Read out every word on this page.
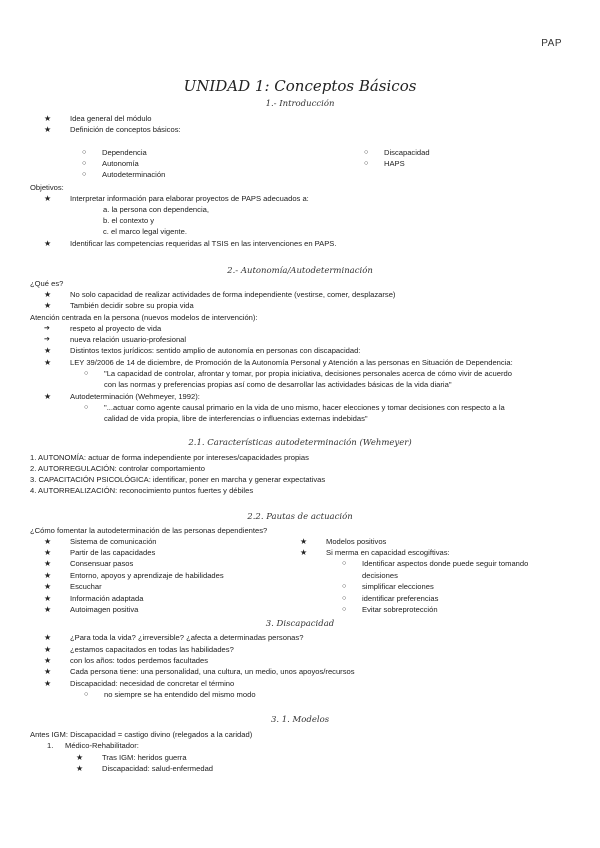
PAP
UNIDAD 1: Conceptos Básicos
1.- Introducción
★ Idea general del módulo
★ Definición de conceptos básicos:
○ Dependencia
○ Autonomía
○ Autodeterminación
○ Discapacidad
○ HAPS
Objetivos:
★ Interpretar información para elaborar proyectos de PAPS adecuados a:
a. la persona con dependencia,
b. el contexto y
c. el marco legal vigente.
★ Identificar las competencias requeridas al TSIS en las intervenciones en PAPS.
2.- Autonomía/Autodeterminación
¿Qué es?
★ No solo capacidad de realizar actividades de forma independiente (vestirse, comer, desplazarse)
★ También decidir sobre su propia vida
Atención centrada en la persona (nuevos modelos de intervención):
➔ respeto al proyecto de vida
➔ nueva relación usuario-profesional
★ Distintos textos jurídicos: sentido amplio de autonomía en personas con discapacidad:
★ LEY 39/2006 de 14 de diciembre, de Promoción de la Autonomía Personal y Atención a las personas en Situación de Dependencia:
○ "La capacidad de controlar, afrontar y tomar, por propia iniciativa, decisiones personales acerca de cómo vivir de acuerdo
con las normas y preferencias propias así como de desarrollar las actividades básicas de la vida diaria"
★ Autodeterminación (Wehmeyer, 1992):
○ "...actuar como agente causal primario en la vida de uno mismo, hacer elecciones y tomar decisiones con respecto a la
calidad de vida propia, libre de interferencias o influencias externas indebidas"
2.1. Características autodeterminación (Wehmeyer)
1. AUTONOMÍA: actuar de forma independiente por intereses/capacidades propias
2. AUTORREGULACIÓN: controlar comportamiento
3. CAPACITACIÓN PSICOLÓGICA: identificar, poner en marcha y generar expectativas
4. AUTORREALIZACIÓN: reconocimiento puntos fuertes y débiles
2.2. Pautas de actuación
¿Cómo fomentar la autodeterminación de las personas dependientes?
★ Sistema de comunicación
★ Partir de las capacidades
★ Consensuar pasos
★ Entorno, apoyos y aprendizaje de habilidades
★ Escuchar
★ Información adaptada
★ Autoimagen positiva
★ Modelos positivos
★ Si merma en capacidad escogiftivas:
○ Identificar aspectos donde puede seguir tomando
decisiones
○ simplificar elecciones
○ identificar preferencias
○ Evitar sobreprotección
3. Discapacidad
★ ¿Para toda la vida? ¿irreversible? ¿afecta a determinadas personas?
★ ¿estamos capacitados en todas las habilidades?
★ con los años: todos perdemos facultades
★ Cada persona tiene: una personalidad, una cultura, un medio, unos apoyos/recursos
★ Discapacidad: necesidad de concretar el término
○ no siempre se ha entendido del mismo modo
3. 1. Modelos
Antes IGM: Discapacidad = castigo divino (relegados a la caridad)
1. Médico-Rehabilitador:
★ Tras IGM: heridos guerra
★ Discapacidad: salud-enfermedad
